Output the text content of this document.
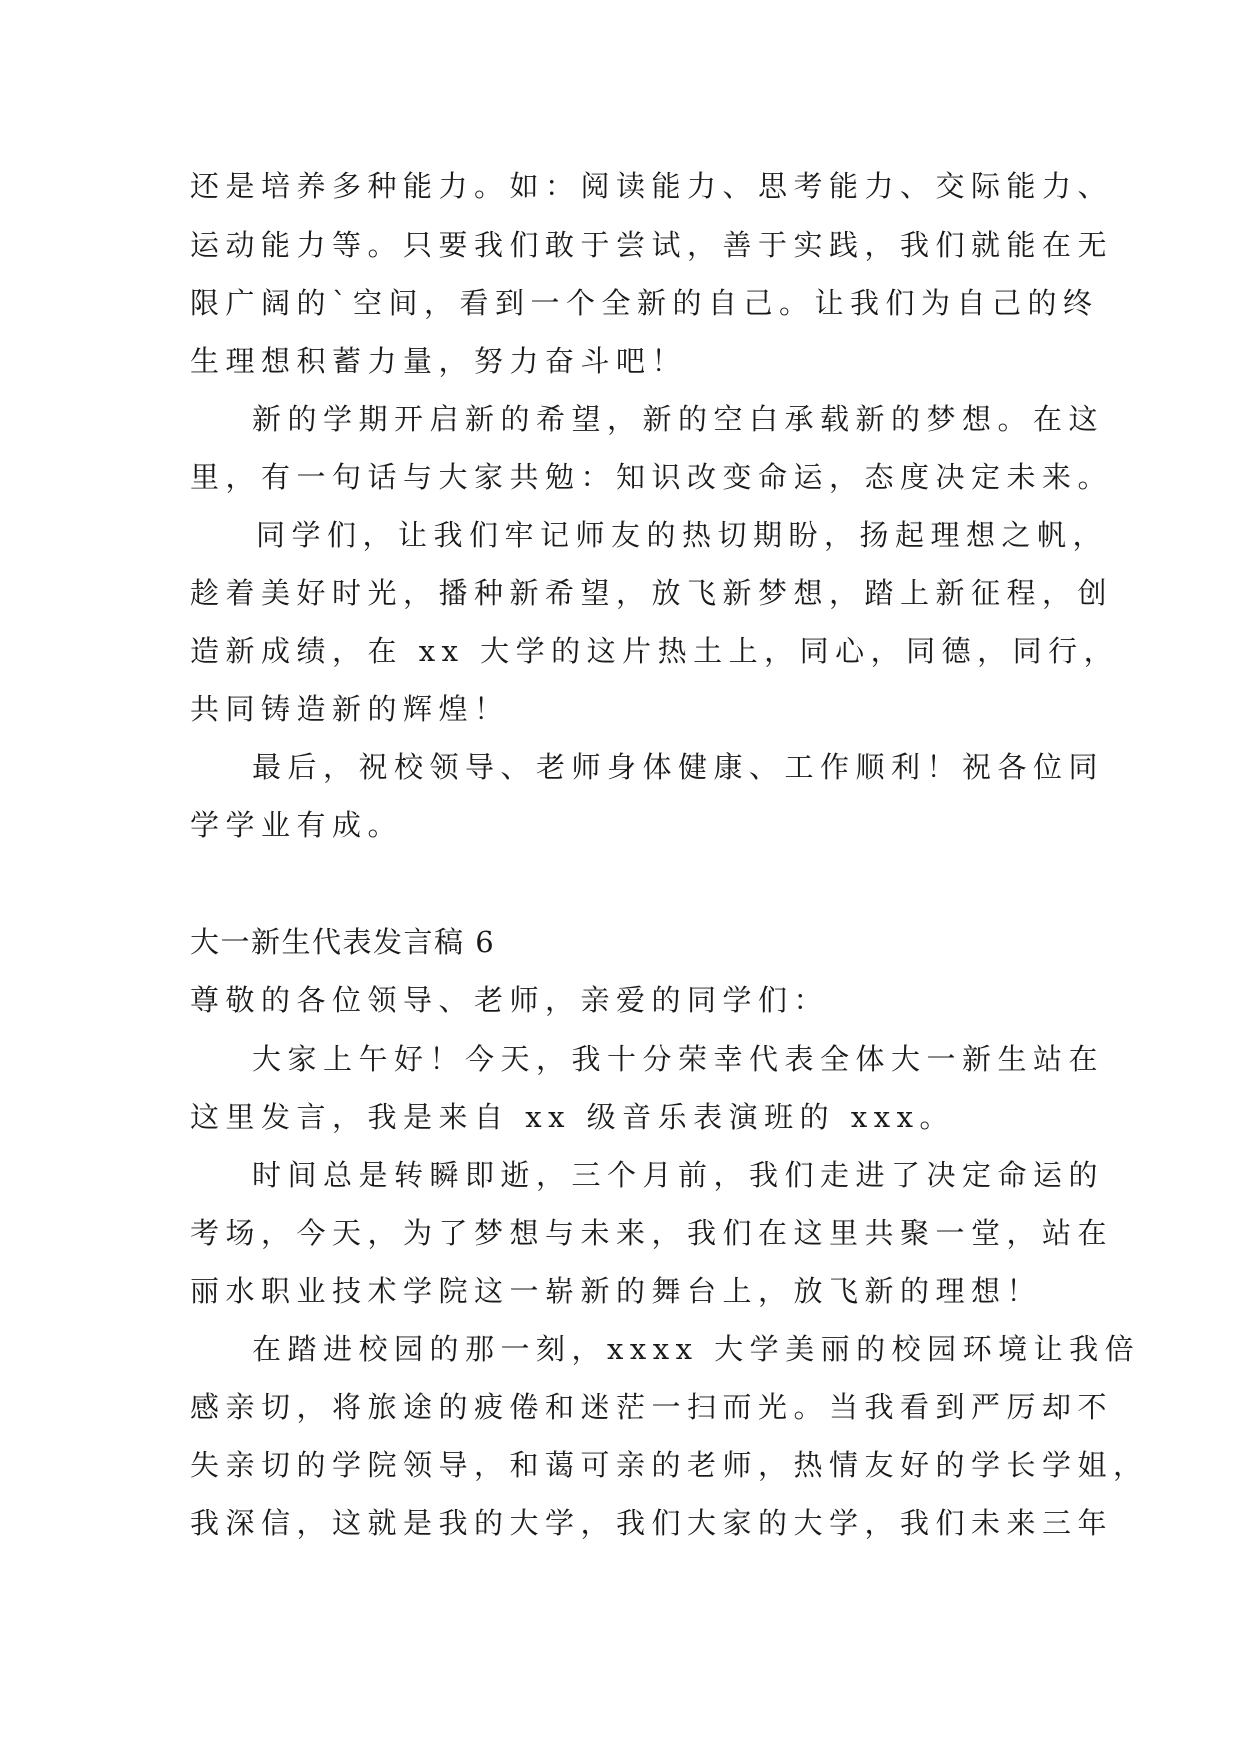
还是培养多种能力。如：阅读能力、思考能力、交际能力、
运动能力等。只要我们敢于尝试，善于实践，我们就能在无
限广阔的`空间，看到一个全新的自己。让我们为自己的终
生理想积蓄力量，努力奋斗吧！
新的学期开启新的希望，新的空白承载新的梦想。在这
里，有一句话与大家共勉：知识改变命运，态度决定未来。
同学们，让我们牢记师友的热切期盼，扬起理想之帆，
趁着美好时光，播种新希望，放飞新梦想，踏上新征程，创
造新成绩，在 xx 大学的这片热土上，同心，同德，同行，
共同铸造新的辉煌！
最后，祝校领导、老师身体健康、工作顺利！祝各位同
学学业有成。
大一新生代表发言稿 6
尊敬的各位领导、老师，亲爱的同学们：
大家上午好！今天，我十分荣幸代表全体大一新生站在
这里发言，我是来自 xx 级音乐表演班的 xxx。
时间总是转瞬即逝，三个月前，我们走进了决定命运的
考场，今天，为了梦想与未来，我们在这里共聚一堂，站在
丽水职业技术学院这一崭新的舞台上，放飞新的理想！
在踏进校园的那一刻，xxxx 大学美丽的校园环境让我倍
感亲切，将旅途的疲倦和迷茫一扫而光。当我看到严厉却不
失亲切的学院领导，和蔼可亲的老师，热情友好的学长学姐，
我深信，这就是我的大学，我们大家的大学，我们未来三年
